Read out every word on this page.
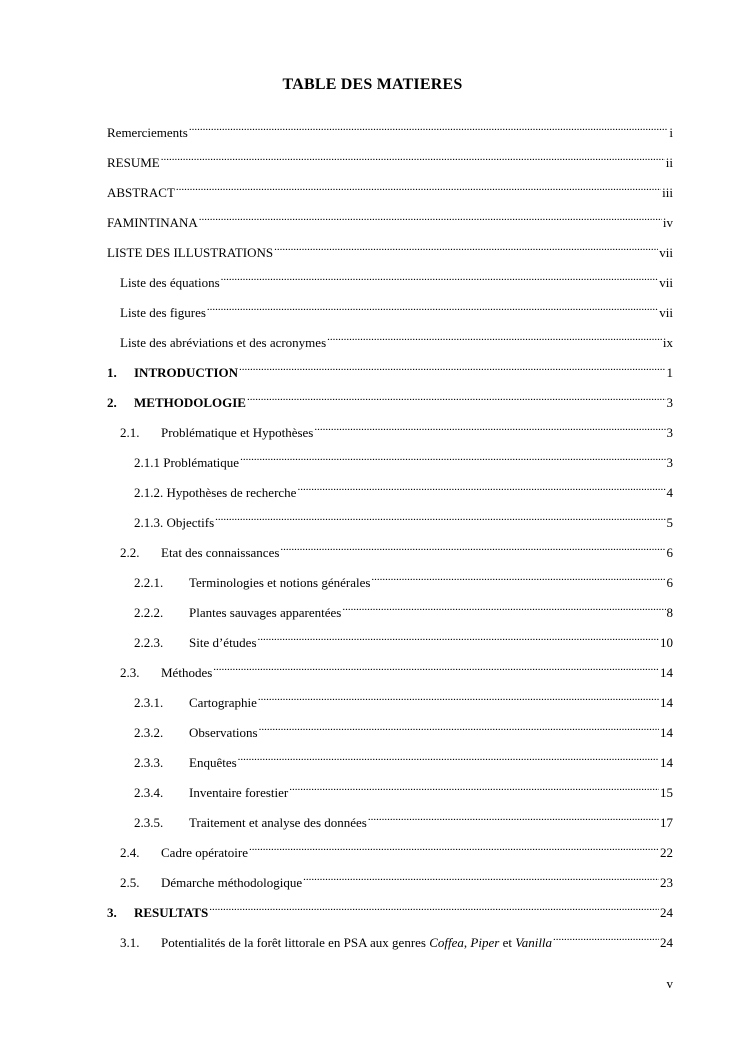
TABLE DES MATIERES
Remerciements .....	i
RESUME .....	ii
ABSTRACT .....	iii
FAMINTINANA .....	iv
LISTE DES ILLUSTRATIONS .....	vii
Liste des équations .....	vii
Liste des figures .....	vii
Liste des abréviations et des acronymes .....	ix
1.	INTRODUCTION .....	1
2.	METHODOLOGIE .....	3
2.1.	Problématique et Hypothèses .....	3
2.1.1 Problématique .....	3
2.1.2. Hypothèses de recherche .....	4
2.1.3. Objectifs .....	5
2.2.	Etat des connaissances .....	6
2.2.1.	Terminologies et notions générales .....	6
2.2.2.	Plantes sauvages apparentées .....	8
2.2.3.	Site d’études .....	10
2.3.	Méthodes .....	14
2.3.1.	Cartographie .....	14
2.3.2.	Observations .....	14
2.3.3.	Enquêtes .....	14
2.3.4.	Inventaire forestier .....	15
2.3.5.	Traitement et analyse des données .....	17
2.4.	Cadre opératoire .....	22
2.5.	Démarche méthodologique .....	23
3.	RESULTATS .....	24
3.1.	Potentialités de la forêt littorale en PSA aux genres Coffea, Piper et Vanilla .....	24
v
